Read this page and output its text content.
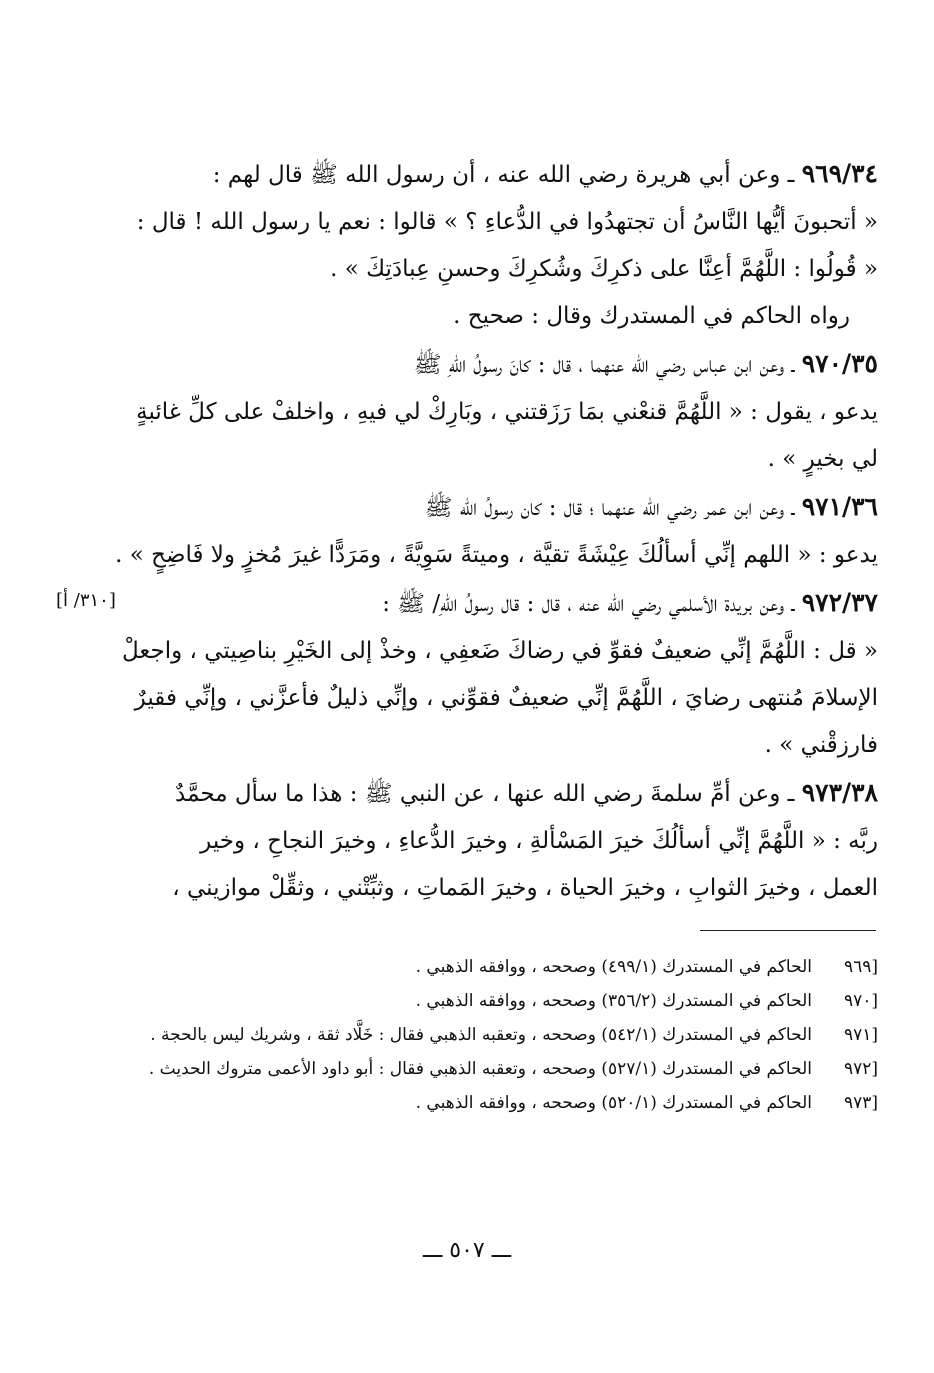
٩٦٩/٣٤ ـ وعن أبي هريرة رضي الله عنه ، أن رسول الله ﷺ قال لهم :
« أتحبونَ أيُّها النَّاسُ أن تجتهدُوا في الدُّعاءِ ؟ » قالوا : نعم يا رسول الله ! قال :
« قُولُوا : اللَّهُمَّ أعِنَّا على ذكرِكَ وشُكرِكَ وحسنِ عِبادَتِكَ » .
رواه الحاكم في المستدرك وقال : صحيح .
٩٧٠/٣٥ ـ وعن ابن عباس رضي الله عنهما ، قال : كانَ رسولُ اللهِ ﷺ
يدعو ، يقول : « اللَّهُمَّ قنعْني بمَا رَزَقتني ، وبَارِكْ لي فيهِ ، واخلفْ على كلِّ غائبةٍ
لي بخيرٍ » .
٩٧١/٣٦ ـ وعن ابن عمر رضي الله عنهما ؛ قال : كان رسولُ الله ﷺ
يدعو : « اللهم إنِّي أسألُكَ عِيْشَةً تقيَّة ، وميتةً سَوِيَّةً ، ومَرَدًّا غيرَ مُخزٍ ولا فَاضِحٍ » .
٩٧٢/٣٧ ـ وعن بريدة الأسلمي رضي الله عنه ، قال : قال رسولُ اللهِ/ ﷺ :
« قل : اللَّهُمَّ إنِّي ضعيفٌ فقوِّ في رضاكَ ضَعفِي ، وخذْ إلى الخَيْرِ بناصِيتي ، واجعلْ
الإسلامَ مُنتهى رضايَ ، اللَّهُمَّ إنِّي ضعيفٌ فقوِّني ، وإنِّي ذليلٌ فأعزَّني ، وإنِّي فقيرٌ
فارزقْني » .
٩٧٣/٣٨ ـ وعن أمِّ سلمةَ رضي الله عنها ، عن النبي ﷺ : هذا ما سأل محمَّدٌ
ربَّه : « اللَّهُمَّ إنِّي أسألُكَ خيرَ المَسْألةِ ، وخيرَ الدُّعاءِ ، وخيرَ النجاحِ ، وخير
العمل ، وخيرَ الثوابِ ، وخيرَ الحياة ، وخيرَ المَماتِ ، وثبِّتْني ، وثقِّلْ موازيني ،
[٣١٠/ أ]
[٩٦٩
الحاكم في المستدرك (٤٩٩/١) وصححه ، ووافقه الذهبي .
[٩٧٠
الحاكم في المستدرك (٣٥٦/٢) وصححه ، ووافقه الذهبي .
[٩٧١
الحاكم في المستدرك (٥٤٢/١) وصححه ، وتعقبه الذهبي فقال : خَلَّاد ثقة ، وشريك ليس بالحجة .
[٩٧٢
الحاكم في المستدرك (٥٢٧/١) وصححه ، وتعقبه الذهبي فقال : أبو داود الأعمى متروك الحديث .
[٩٧٣
الحاكم في المستدرك (٥٢٠/١) وصححه ، ووافقه الذهبي .
ـــ ٥٠٧ ـــ
